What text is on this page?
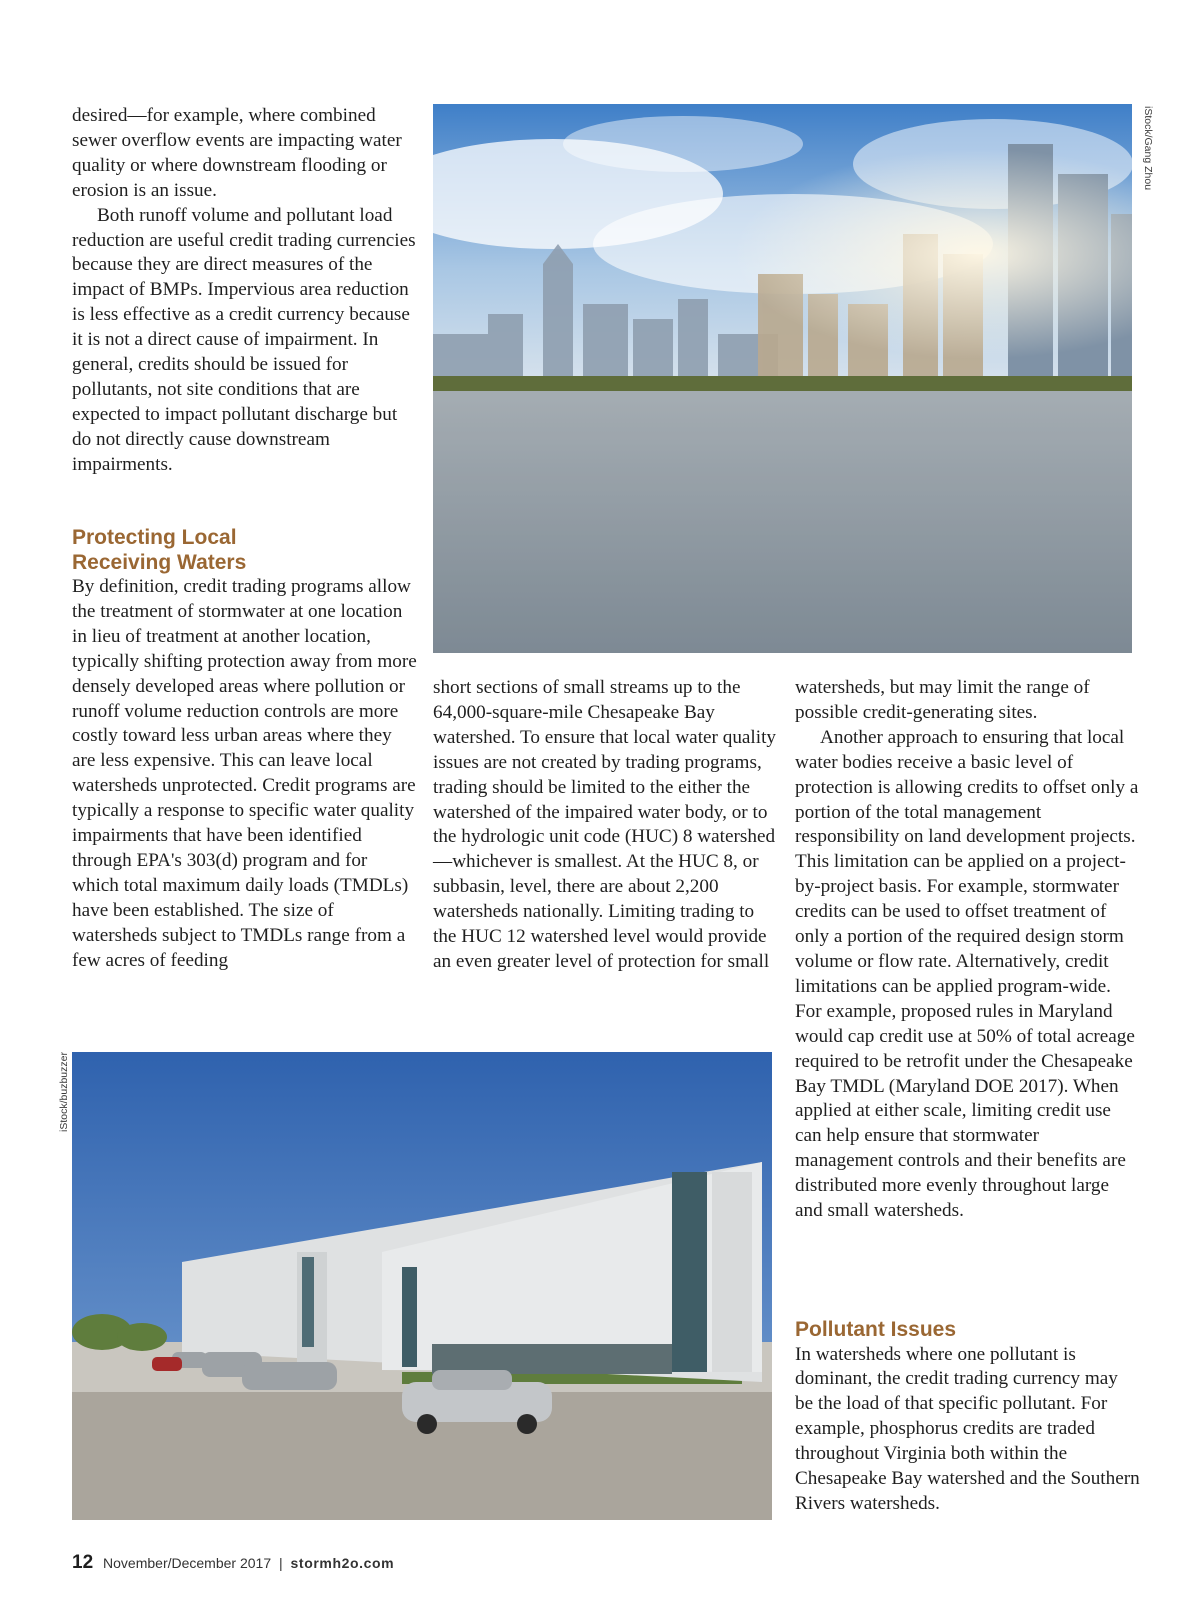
desired—for example, where combined sewer overflow events are impacting water quality or where downstream flooding or erosion is an issue.

Both runoff volume and pollutant load reduction are useful credit trading currencies because they are direct measures of the impact of BMPs. Impervious area reduction is less effective as a credit currency because it is not a direct cause of impairment. In general, credits should be issued for pollutants, not site conditions that are expected to impact pollutant discharge but do not directly cause downstream impairments.

Protecting Local
Receiving Waters

By definition, credit trading programs allow the treatment of stormwater at one location in lieu of treatment at another location, typically shifting protection away from more densely developed areas where pollution or runoff volume reduction controls are more costly toward less urban areas where they are less expensive. This can leave local watersheds unprotected. Credit programs are typically a response to specific water quality impairments that have been identified through EPA's 303(d) program and for which total maximum daily loads (TMDLs) have been established. The size of watersheds subject to TMDLs range from a few acres of feeding

short sections of small streams up to the 64,000-square-mile Chesapeake Bay watershed. To ensure that local water quality issues are not created by trading programs, trading should be limited to the either the watershed of the impaired water body, or to the hydrologic unit code (HUC) 8 watershed—whichever is smallest. At the HUC 8, or subbasin, level, there are about 2,200 watersheds nationally. Limiting trading to the HUC 12 watershed level would provide an even greater level of protection for small

watersheds, but may limit the range of possible credit-generating sites.

Another approach to ensuring that local water bodies receive a basic level of protection is allowing credits to offset only a portion of the total management responsibility on land development projects. This limitation can be applied on a project-by-project basis. For example, stormwater credits can be used to offset treatment of only a portion of the required design storm volume or flow rate. Alternatively, credit limitations can be applied program-wide. For example, proposed rules in Maryland would cap credit use at 50% of total acreage required to be retrofit under the Chesapeake Bay TMDL (Maryland DOE 2017). When applied at either scale, limiting credit use can help ensure that stormwater management controls and their benefits are distributed more evenly throughout large and small watersheds.

Pollutant Issues

In watersheds where one pollutant is dominant, the credit trading currency may be the load of that specific pollutant. For example, phosphorus credits are traded throughout Virginia both within the Chesapeake Bay watershed and the Southern Rivers watersheds.

iStock/Gang Zhou
iStock/buzbuzzer
12 November/December 2017 | stormh2o.com
